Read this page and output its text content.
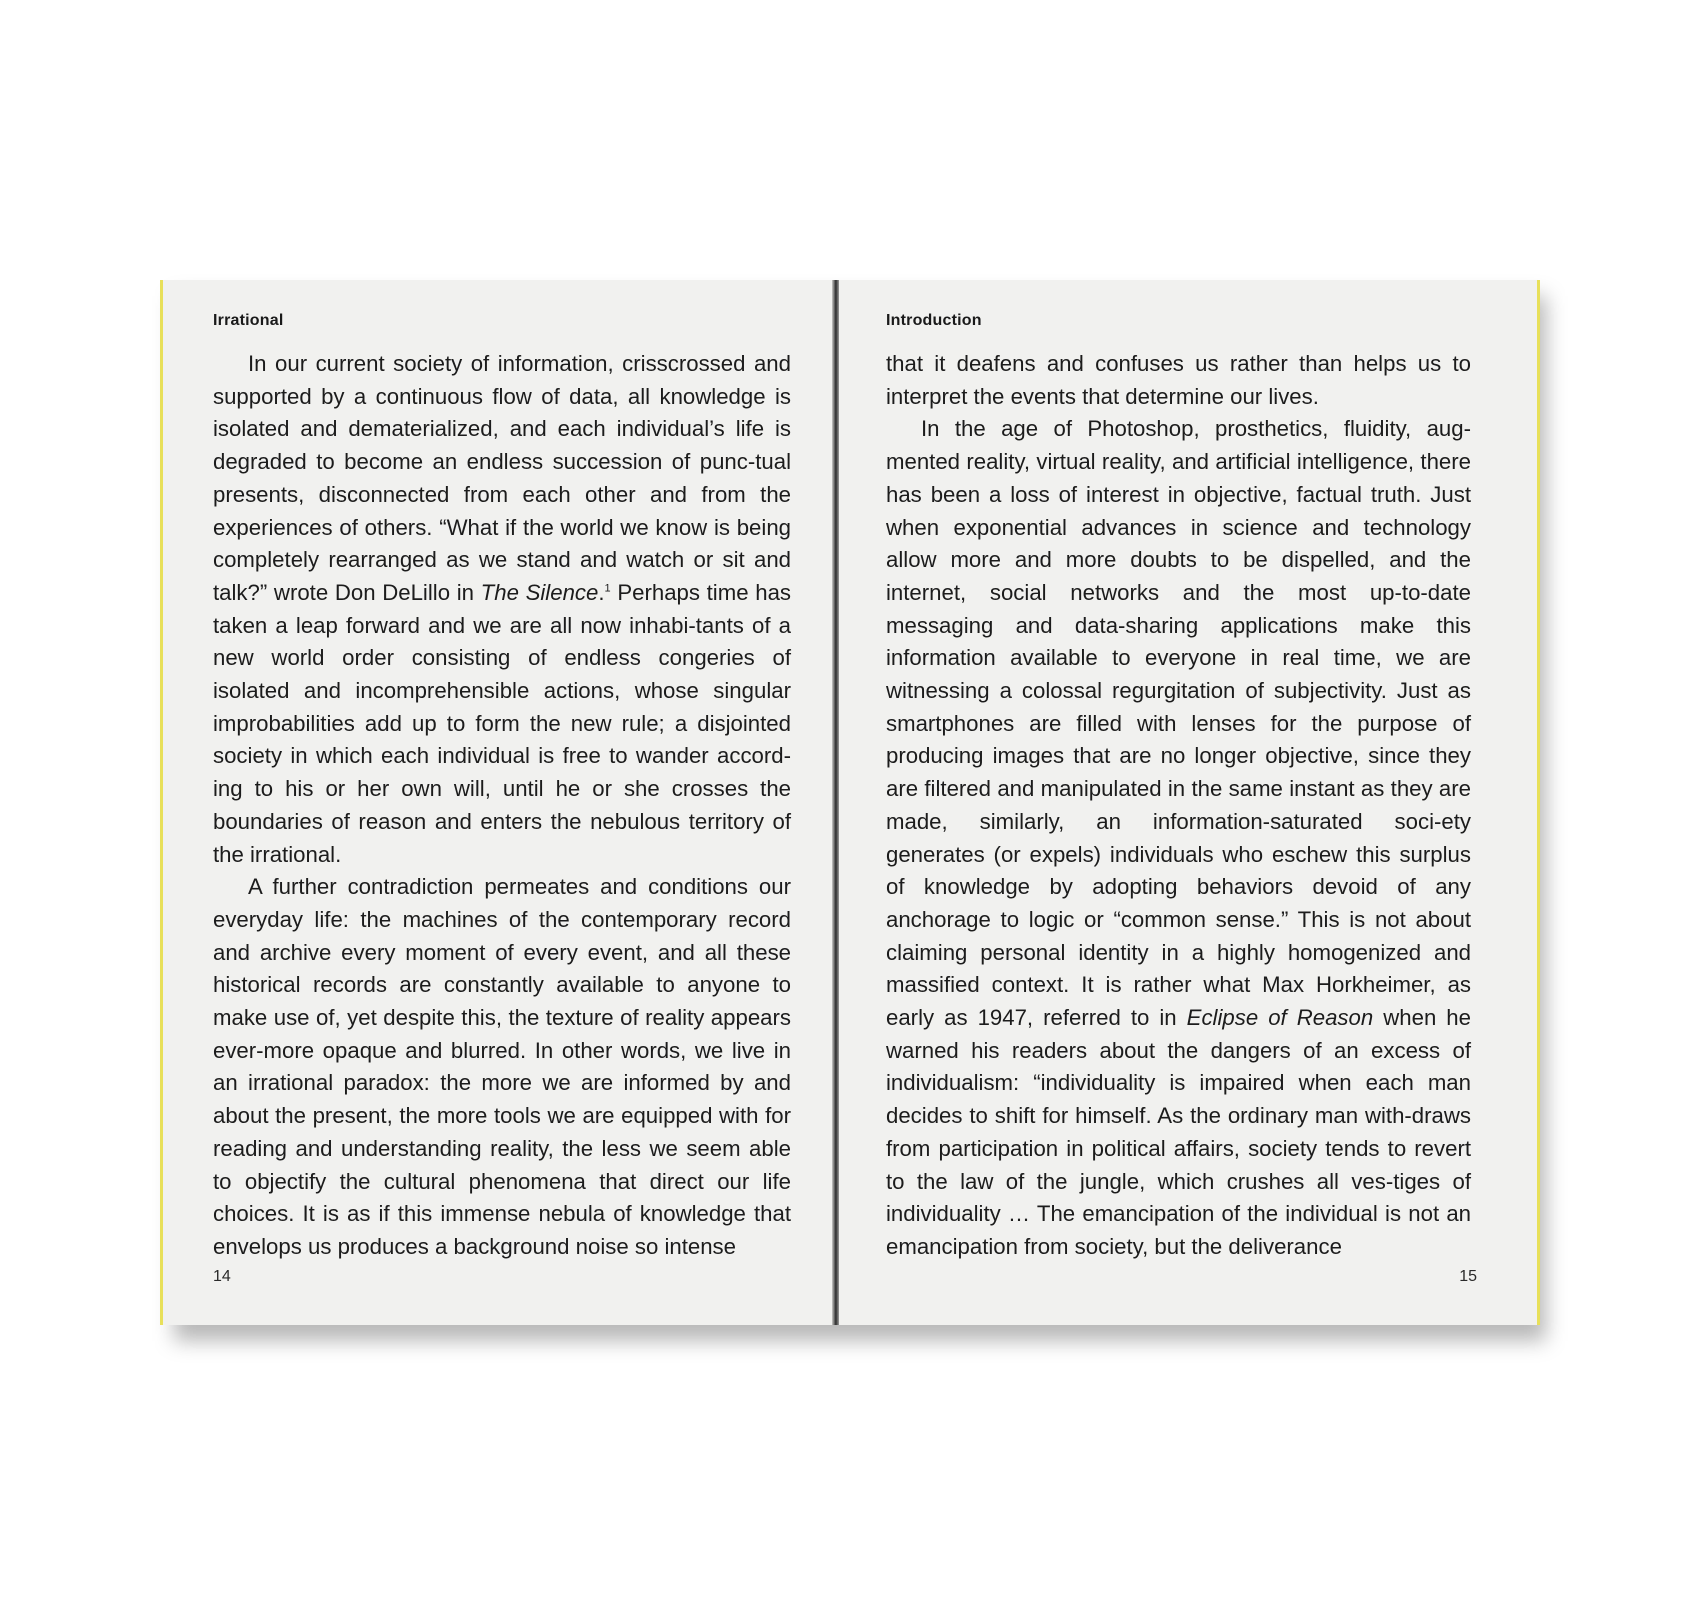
Irrational

In our current society of information, crisscrossed and supported by a continuous flow of data, all knowledge is isolated and dematerialized, and each individual’s life is degraded to become an endless succession of punc-tual presents, disconnected from each other and from the experiences of others. “What if the world we know is being completely rearranged as we stand and watch or sit and talk?” wrote Don DeLillo in The Silence.$^1$ Perhaps time has taken a leap forward and we are all now inhabi-tants of a new world order consisting of endless congeries of isolated and incomprehensible actions, whose singular improbabilities add up to form the new rule; a disjointed society in which each individual is free to wander accord-ing to his or her own will, until he or she crosses the boundaries of reason and enters the nebulous territory of the irrational.

A further contradiction permeates and conditions our everyday life: the machines of the contemporary record and archive every moment of every event, and all these historical records are constantly available to anyone to make use of, yet despite this, the texture of reality appears ever-more opaque and blurred. In other words, we live in an irrational paradox: the more we are informed by and about the present, the more tools we are equipped with for reading and understanding reality, the less we seem able to objectify the cultural phenomena that direct our life choices. It is as if this immense nebula of knowledge that envelops us produces a background noise so intense

14
Introduction

that it deafens and confuses us rather than helps us to interpret the events that determine our lives.

In the age of Photoshop, prosthetics, fluidity, aug-mented reality, virtual reality, and artificial intelligence, there has been a loss of interest in objective, factual truth. Just when exponential advances in science and technology allow more and more doubts to be dispelled, and the internet, social networks and the most up-to-date messaging and data-sharing applications make this information available to everyone in real time, we are witnessing a colossal regurgitation of subjectivity. Just as smartphones are filled with lenses for the purpose of producing images that are no longer objective, since they are filtered and manipulated in the same instant as they are made, similarly, an information-saturated soci-ety generates (or expels) individuals who eschew this surplus of knowledge by adopting behaviors devoid of any anchorage to logic or “common sense.” This is not about claiming personal identity in a highly homogenized and massified context. It is rather what Max Horkheimer, as early as 1947, referred to in Eclipse of Reason when he warned his readers about the dangers of an excess of individualism: “individuality is impaired when each man decides to shift for himself. As the ordinary man with-draws from participation in political affairs, society tends to revert to the law of the jungle, which crushes all ves-tiges of individuality … The emancipation of the individual is not an emancipation from society, but the deliverance

15
